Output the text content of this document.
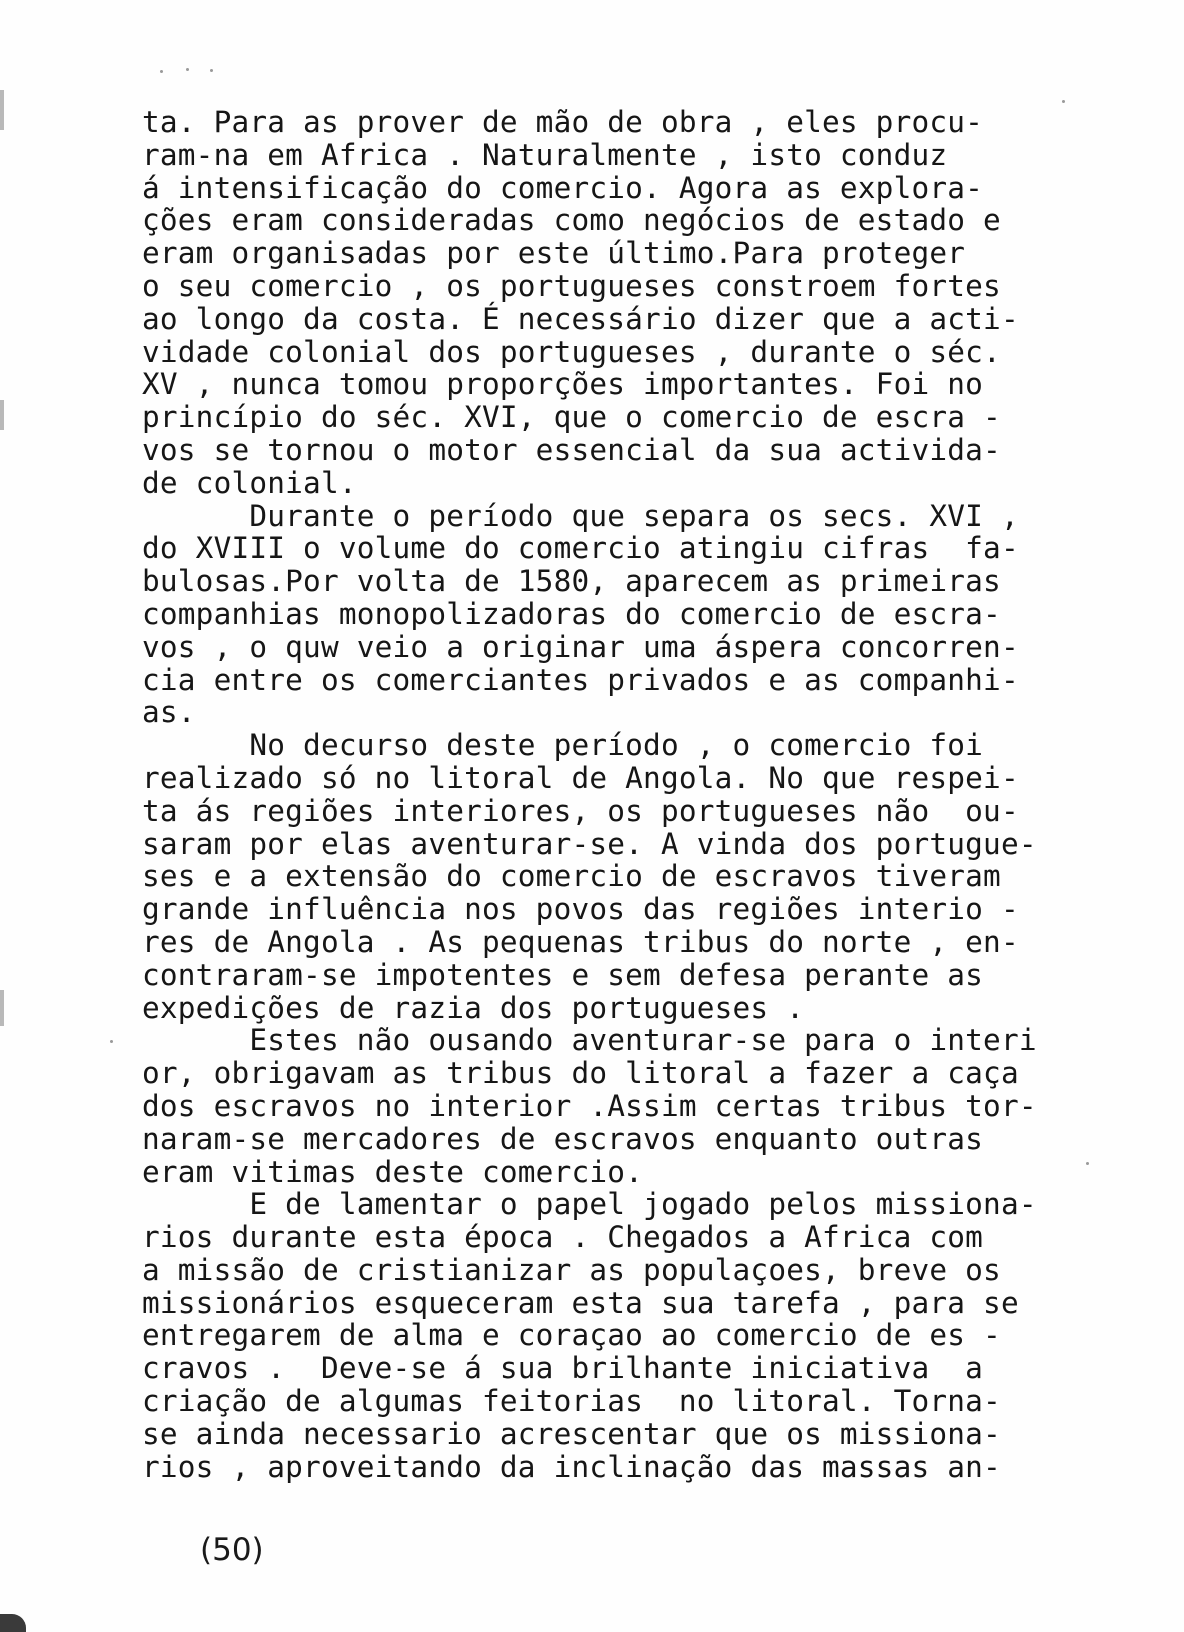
ta. Para as prover de mão de obra , eles procu-
ram-na em Africa . Naturalmente , isto conduz
á intensificação do comercio. Agora as explora-
ções eram consideradas como negócios de estado e
eram organisadas por este último.Para proteger
o seu comercio , os portugueses constroem fortes
ao longo da costa. É necessário dizer que a acti-
vidade colonial dos portugueses , durante o séc.
XV , nunca tomou proporções importantes. Foi no
princípio do séc. XVI, que o comercio de escra -
vos se tornou o motor essencial da sua activida-
de colonial.
Durante o período que separa os secs. XVI ,
do XVIII o volume do comercio atingiu cifras  fa-
bulosas.Por volta de 1580, aparecem as primeiras
companhias monopolizadoras do comercio de escra-
vos , o quw veio a originar uma áspera concorren-
cia entre os comerciantes privados e as companhi-
as.
No decurso deste período , o comercio foi
realizado só no litoral de Angola. No que respei-
ta ás regiões interiores, os portugueses não  ou-
saram por elas aventurar-se. A vinda dos portugue-
ses e a extensão do comercio de escravos tiveram
grande influência nos povos das regiões interio -
res de Angola . As pequenas tribus do norte , en-
contraram-se impotentes e sem defesa perante as
expedições de razia dos portugueses .
Estes não ousando aventurar-se para o interi
or, obrigavam as tribus do litoral a fazer a caça
dos escravos no interior .Assim certas tribus tor-
naram-se mercadores de escravos enquanto outras
eram vitimas deste comercio.
E de lamentar o papel jogado pelos missiona-
rios durante esta época . Chegados a Africa com
a missão de cristianizar as populaçoes, breve os
missionários esqueceram esta sua tarefa , para se
entregarem de alma e coraçao ao comercio de es -
cravos .  Deve-se á sua brilhante iniciativa  a
criação de algumas feitorias  no litoral. Torna-
se ainda necessario acrescentar que os missiona-
rios , aproveitando da inclinação das massas an-
(50)
